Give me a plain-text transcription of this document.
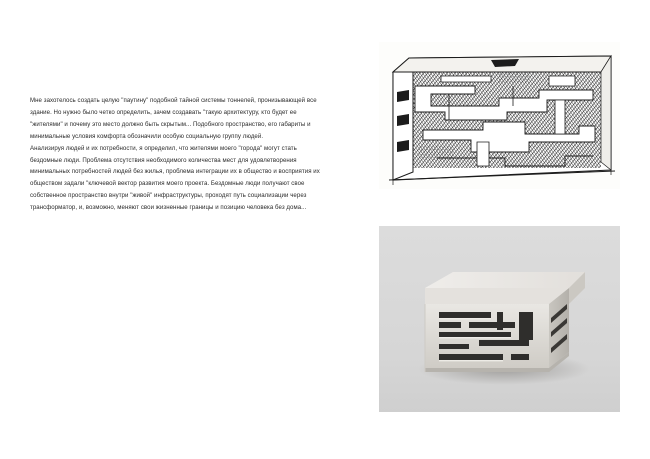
Мне захотелось создать целую "паутину" подобной тайной системы тоннелей, пронизывающей все здание. Но нужно было четко определить, зачем создавать "такую архитектуру, кто будет ее "жителями" и почему это место должно быть скрытым... Подобного пространство, его габариты и минимальные условия комфорта обозначили особую социальную группу людей.

Анализируя людей и их потребности, я определил, что жителями моего "города" могут стать бездомные люди. Проблема отсутствия необходимого количества мест для удовлетворения минимальных потребностей людей без жилья, проблема интеграции их в общество и восприятия их обществом задали "ключевой вектор развития моего проекта. Бездомные люди получают свое собственное пространство внутри "живой" инфраструктуры, проходят путь социализации через трансформатор, и, возможно, меняют свои жизненные границы и позицию человека без дома...
